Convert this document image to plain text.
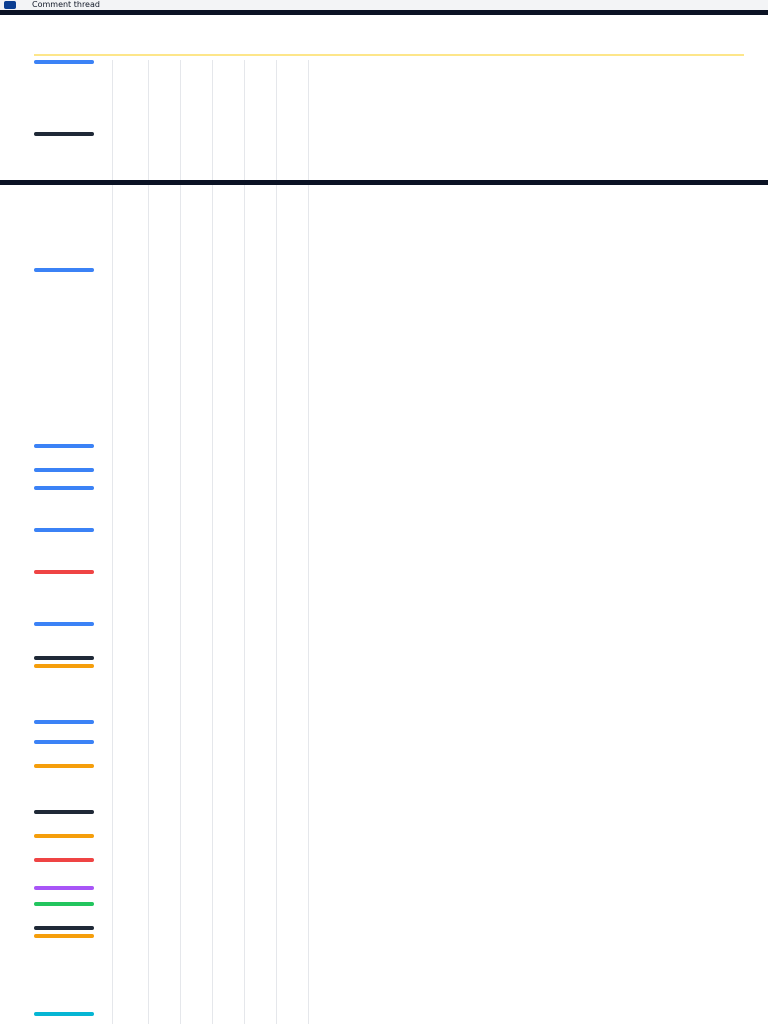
Comment thread
